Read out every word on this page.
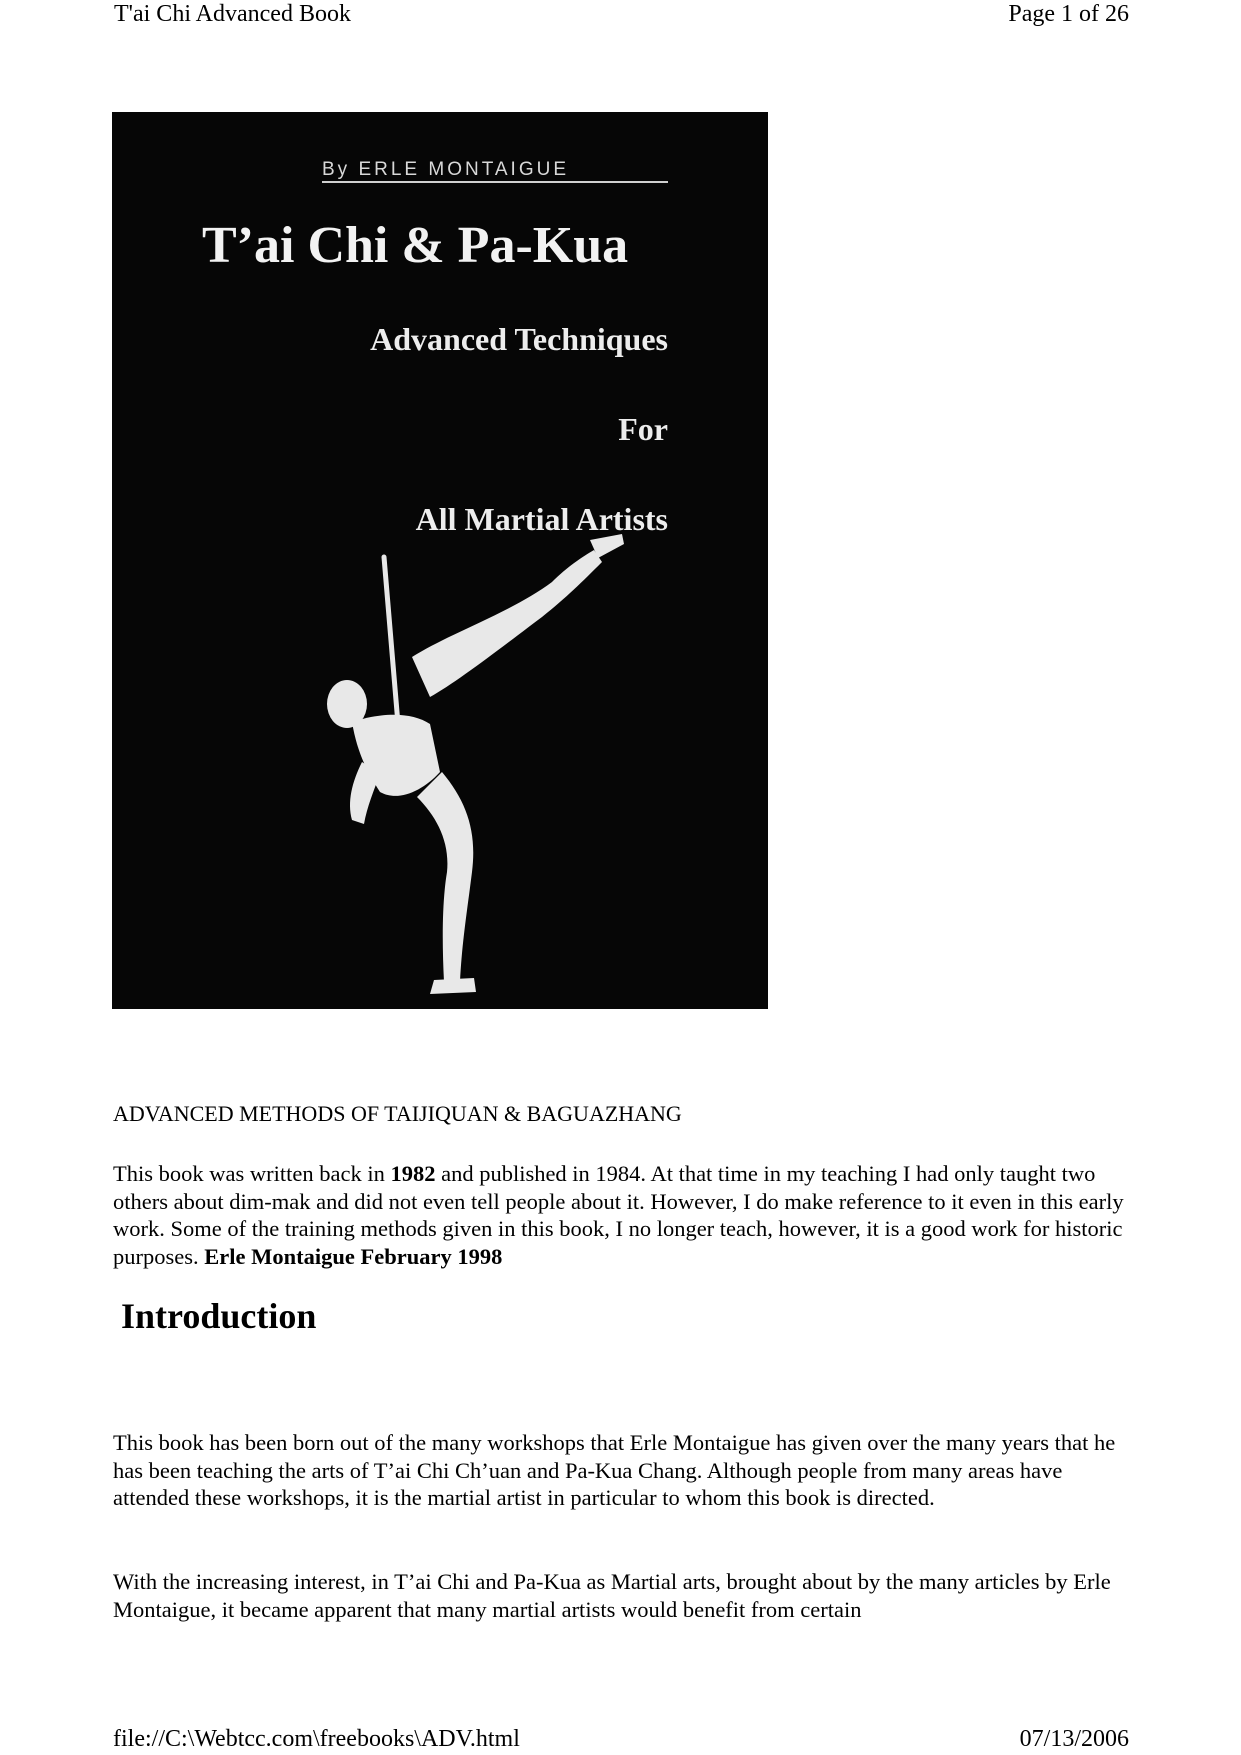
T'ai Chi Advanced Book	Page 1 of 26
By ERLE MONTAIGUE
T’ai Chi & Pa-Kua
Advanced Techniques
For
All Martial Artists
ADVANCED METHODS OF TAIJIQUAN & BAGUAZHANG

This book was written back in 1982 and published in 1984. At that time in my teaching I had only taught two others about dim-mak and did not even tell people about it. However, I do make reference to it even in this early work. Some of the training methods given in this book, I no longer teach, however, it is a good work for historic purposes. Erle Montaigue February 1998

Introduction

This book has been born out of the many workshops that Erle Montaigue has given over the many years that he has been teaching the arts of T’ai Chi Ch’uan and Pa-Kua Chang. Although people from many areas have attended these workshops, it is the martial artist in particular to whom this book is directed.

With the increasing interest, in T’ai Chi and Pa-Kua as Martial arts, brought about by the many articles by Erle Montaigue, it became apparent that many martial artists would benefit from certain

file://C:\Webtcc.com\freebooks\ADV.html	07/13/2006
